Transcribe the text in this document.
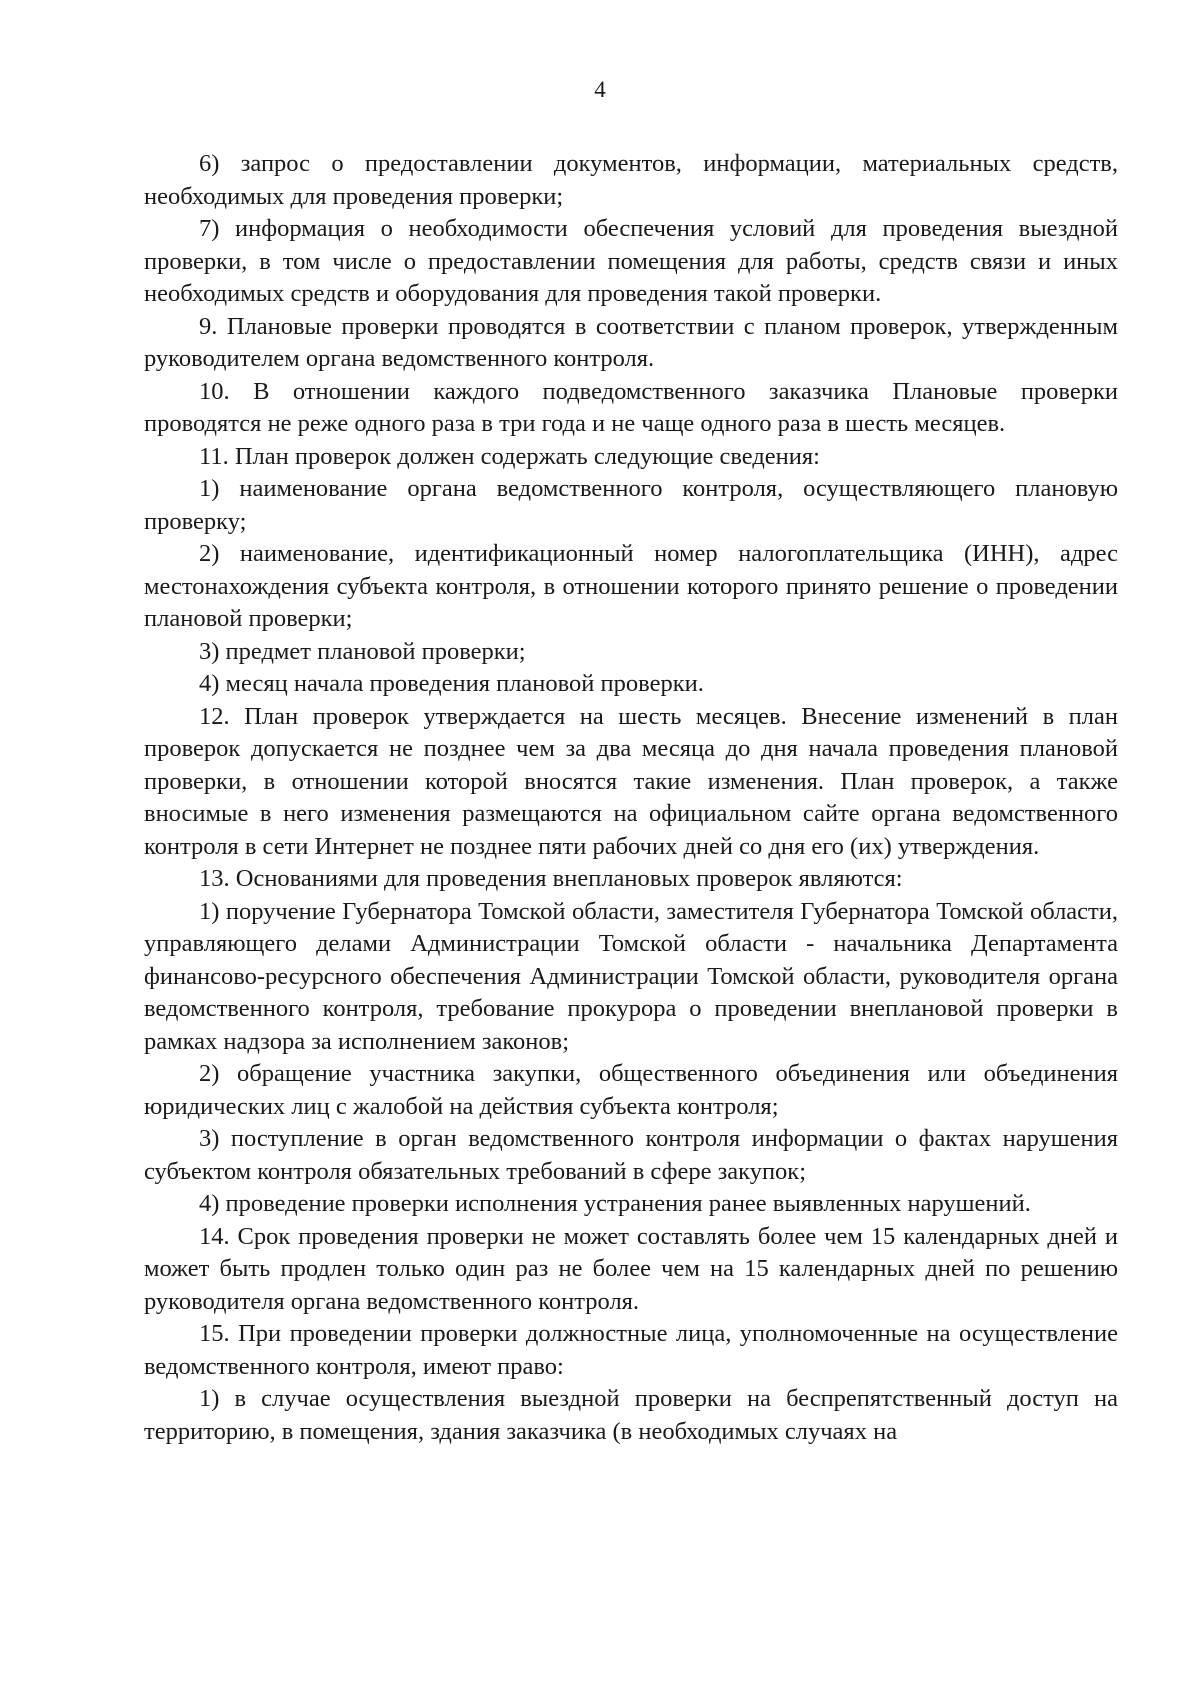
4

6) запрос о предоставлении документов, информации, материальных средств, необходимых для проведения проверки;

7) информация о необходимости обеспечения условий для проведения выездной проверки, в том числе о предоставлении помещения для работы, средств связи и иных необходимых средств и оборудования для проведения такой проверки.

9. Плановые проверки проводятся в соответствии с планом проверок, утвержденным руководителем органа ведомственного контроля.

10. В отношении каждого подведомственного заказчика Плановые проверки проводятся не реже одного раза в три года и не чаще одного раза в шесть месяцев.

11. План проверок должен содержать следующие сведения:

1) наименование органа ведомственного контроля, осуществляющего плановую проверку;

2) наименование, идентификационный номер налогоплательщика (ИНН), адрес местонахождения субъекта контроля, в отношении которого принято решение о проведении плановой проверки;

3) предмет плановой проверки;

4) месяц начала проведения плановой проверки.

12. План проверок утверждается на шесть месяцев. Внесение изменений в план проверок допускается не позднее чем за два месяца до дня начала проведения плановой проверки, в отношении которой вносятся такие изменения. План проверок, а также вносимые в него изменения размещаются на официальном сайте органа ведомственного контроля в сети Интернет не позднее пяти рабочих дней со дня его (их) утверждения.

13. Основаниями для проведения внеплановых проверок являются:

1) поручение Губернатора Томской области, заместителя Губернатора Томской области, управляющего делами Администрации Томской области - начальника Департамента финансово-ресурсного обеспечения Администрации Томской области, руководителя органа ведомственного контроля, требование прокурора о проведении внеплановой проверки в рамках надзора за исполнением законов;

2) обращение участника закупки, общественного объединения или объединения юридических лиц с жалобой на действия субъекта контроля;

3) поступление в орган ведомственного контроля информации о фактах нарушения субъектом контроля обязательных требований в сфере закупок;

4) проведение проверки исполнения устранения ранее выявленных нарушений.

14. Срок проведения проверки не может составлять более чем 15 календарных дней и может быть продлен только один раз не более чем на 15 календарных дней по решению руководителя органа ведомственного контроля.

15. При проведении проверки должностные лица, уполномоченные на осуществление ведомственного контроля, имеют право:

1) в случае осуществления выездной проверки на беспрепятственный доступ на территорию, в помещения, здания заказчика (в необходимых случаях на
